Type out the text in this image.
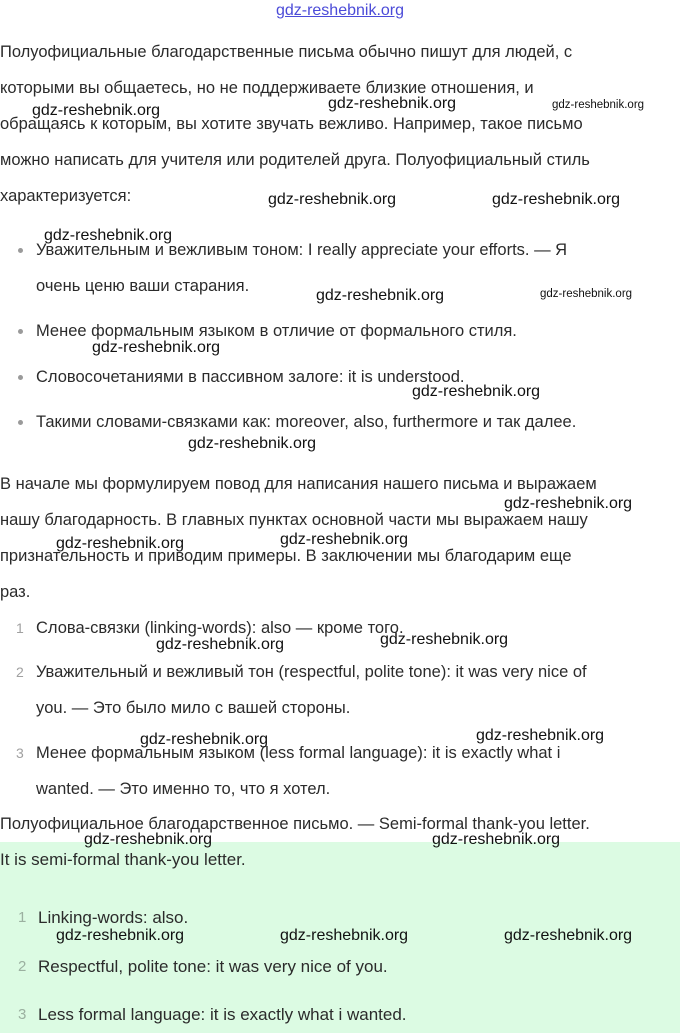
gdz-reshebnik.org

Полуофициальные благодарственные письма обычно пишут для людей, с

которыми вы общаетесь, но не поддерживаете близкие отношения, и

обращаясь к которым, вы хотите звучать вежливо. Например, такое письмо

можно написать для учителя или родителей друга. Полуофициальный стиль

характеризуется:

Уважительным и вежливым тоном: I really appreciate your efforts. — Я
очень ценю ваши старания.
Менее формальным языком в отличие от формального стиля.
Словосочетаниями в пассивном залоге: it is understood.
Такими словами-связками как: moreover, also, furthermore и так далее.

В начале мы формулируем повод для написания нашего письма и выражаем

нашу благодарность. В главных пунктах основной части мы выражаем нашу

признательность и приводим примеры. В заключении мы благодарим еще

раз.

1 Слова-связки (linking-words): also — кроме того.
2 Уважительный и вежливый тон (respectful, polite tone): it was very nice of
you. — Это было мило с вашей стороны.
3 Менее формальным языком (less formal language): it is exactly what i
wanted. — Это именно то, что я хотел.

Полуофициальное благодарственное письмо. — Semi-formal thank-you letter.

It is semi-formal thank-you letter.
1 Linking-words: also.
2 Respectful, polite tone: it was very nice of you.
3 Less formal language: it is exactly what i wanted.
gdz-reshebnik.org	gdz-reshebnik.org	gdz-reshebnik.org
gdz-reshebnik.org	gdz-reshebnik.org
gdz-reshebnik.org
gdz-reshebnik.org	gdz-reshebnik.org
gdz-reshebnik.org
gdz-reshebnik.org
gdz-reshebnik.org
gdz-reshebnik.org
gdz-reshebnik.org	gdz-reshebnik.org
gdz-reshebnik.org	gdz-reshebnik.org
gdz-reshebnik.org	gdz-reshebnik.org
gdz-reshebnik.org	gdz-reshebnik.org
gdz-reshebnik.org	gdz-reshebnik.org	gdz-reshebnik.org
